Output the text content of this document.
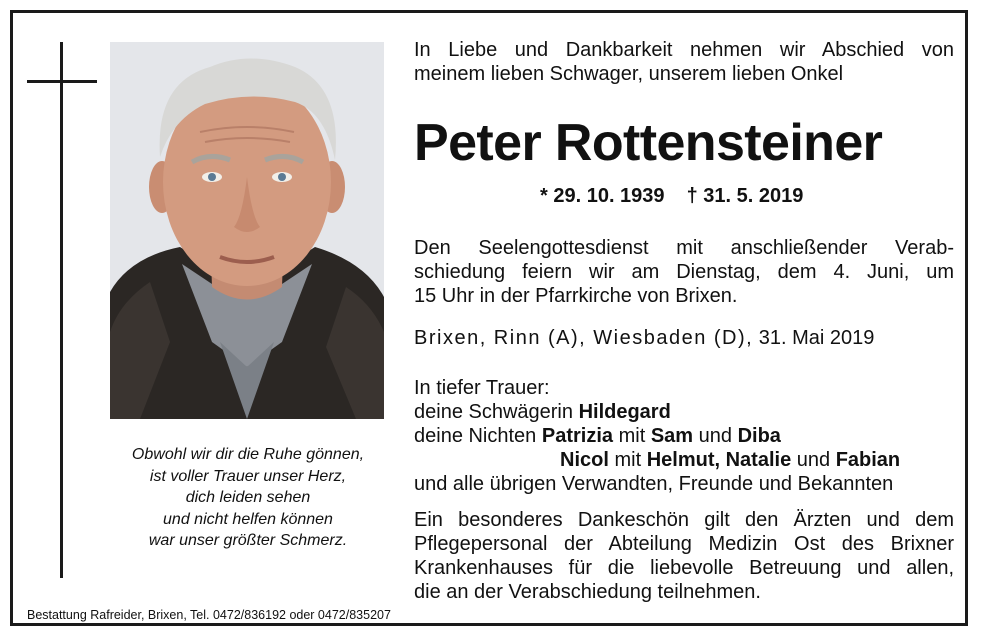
Obwohl wir dir die Ruhe gönnen,
ist voller Trauer unser Herz,
dich leiden sehen
und nicht helfen können
war unser größter Schmerz.
Bestattung Rafreider, Brixen, Tel. 0472/836192 oder 0472/835207
In Liebe und Dankbarkeit nehmen wir Abschied von
meinem lieben Schwager, unserem lieben Onkel
Peter Rottensteiner
* 29. 10. 1939 † 31. 5. 2019
Den Seelengottesdienst mit anschließender Verab-
schiedung feiern wir am Dienstag, dem 4. Juni, um
15 Uhr in der Pfarrkirche von Brixen.
Brixen, Rinn (A), Wiesbaden (D), 31. Mai 2019
In tiefer Trauer:
deine Schwägerin Hildegard
deine Nichten Patrizia mit Sam und Diba
Nicol mit Helmut, Natalie und Fabian
und alle übrigen Verwandten, Freunde und Bekannten
Ein besonderes Dankeschön gilt den Ärzten und dem
Pflegepersonal der Abteilung Medizin Ost des Brixner
Krankenhauses für die liebevolle Betreuung und allen,
die an der Verabschiedung teilnehmen.
